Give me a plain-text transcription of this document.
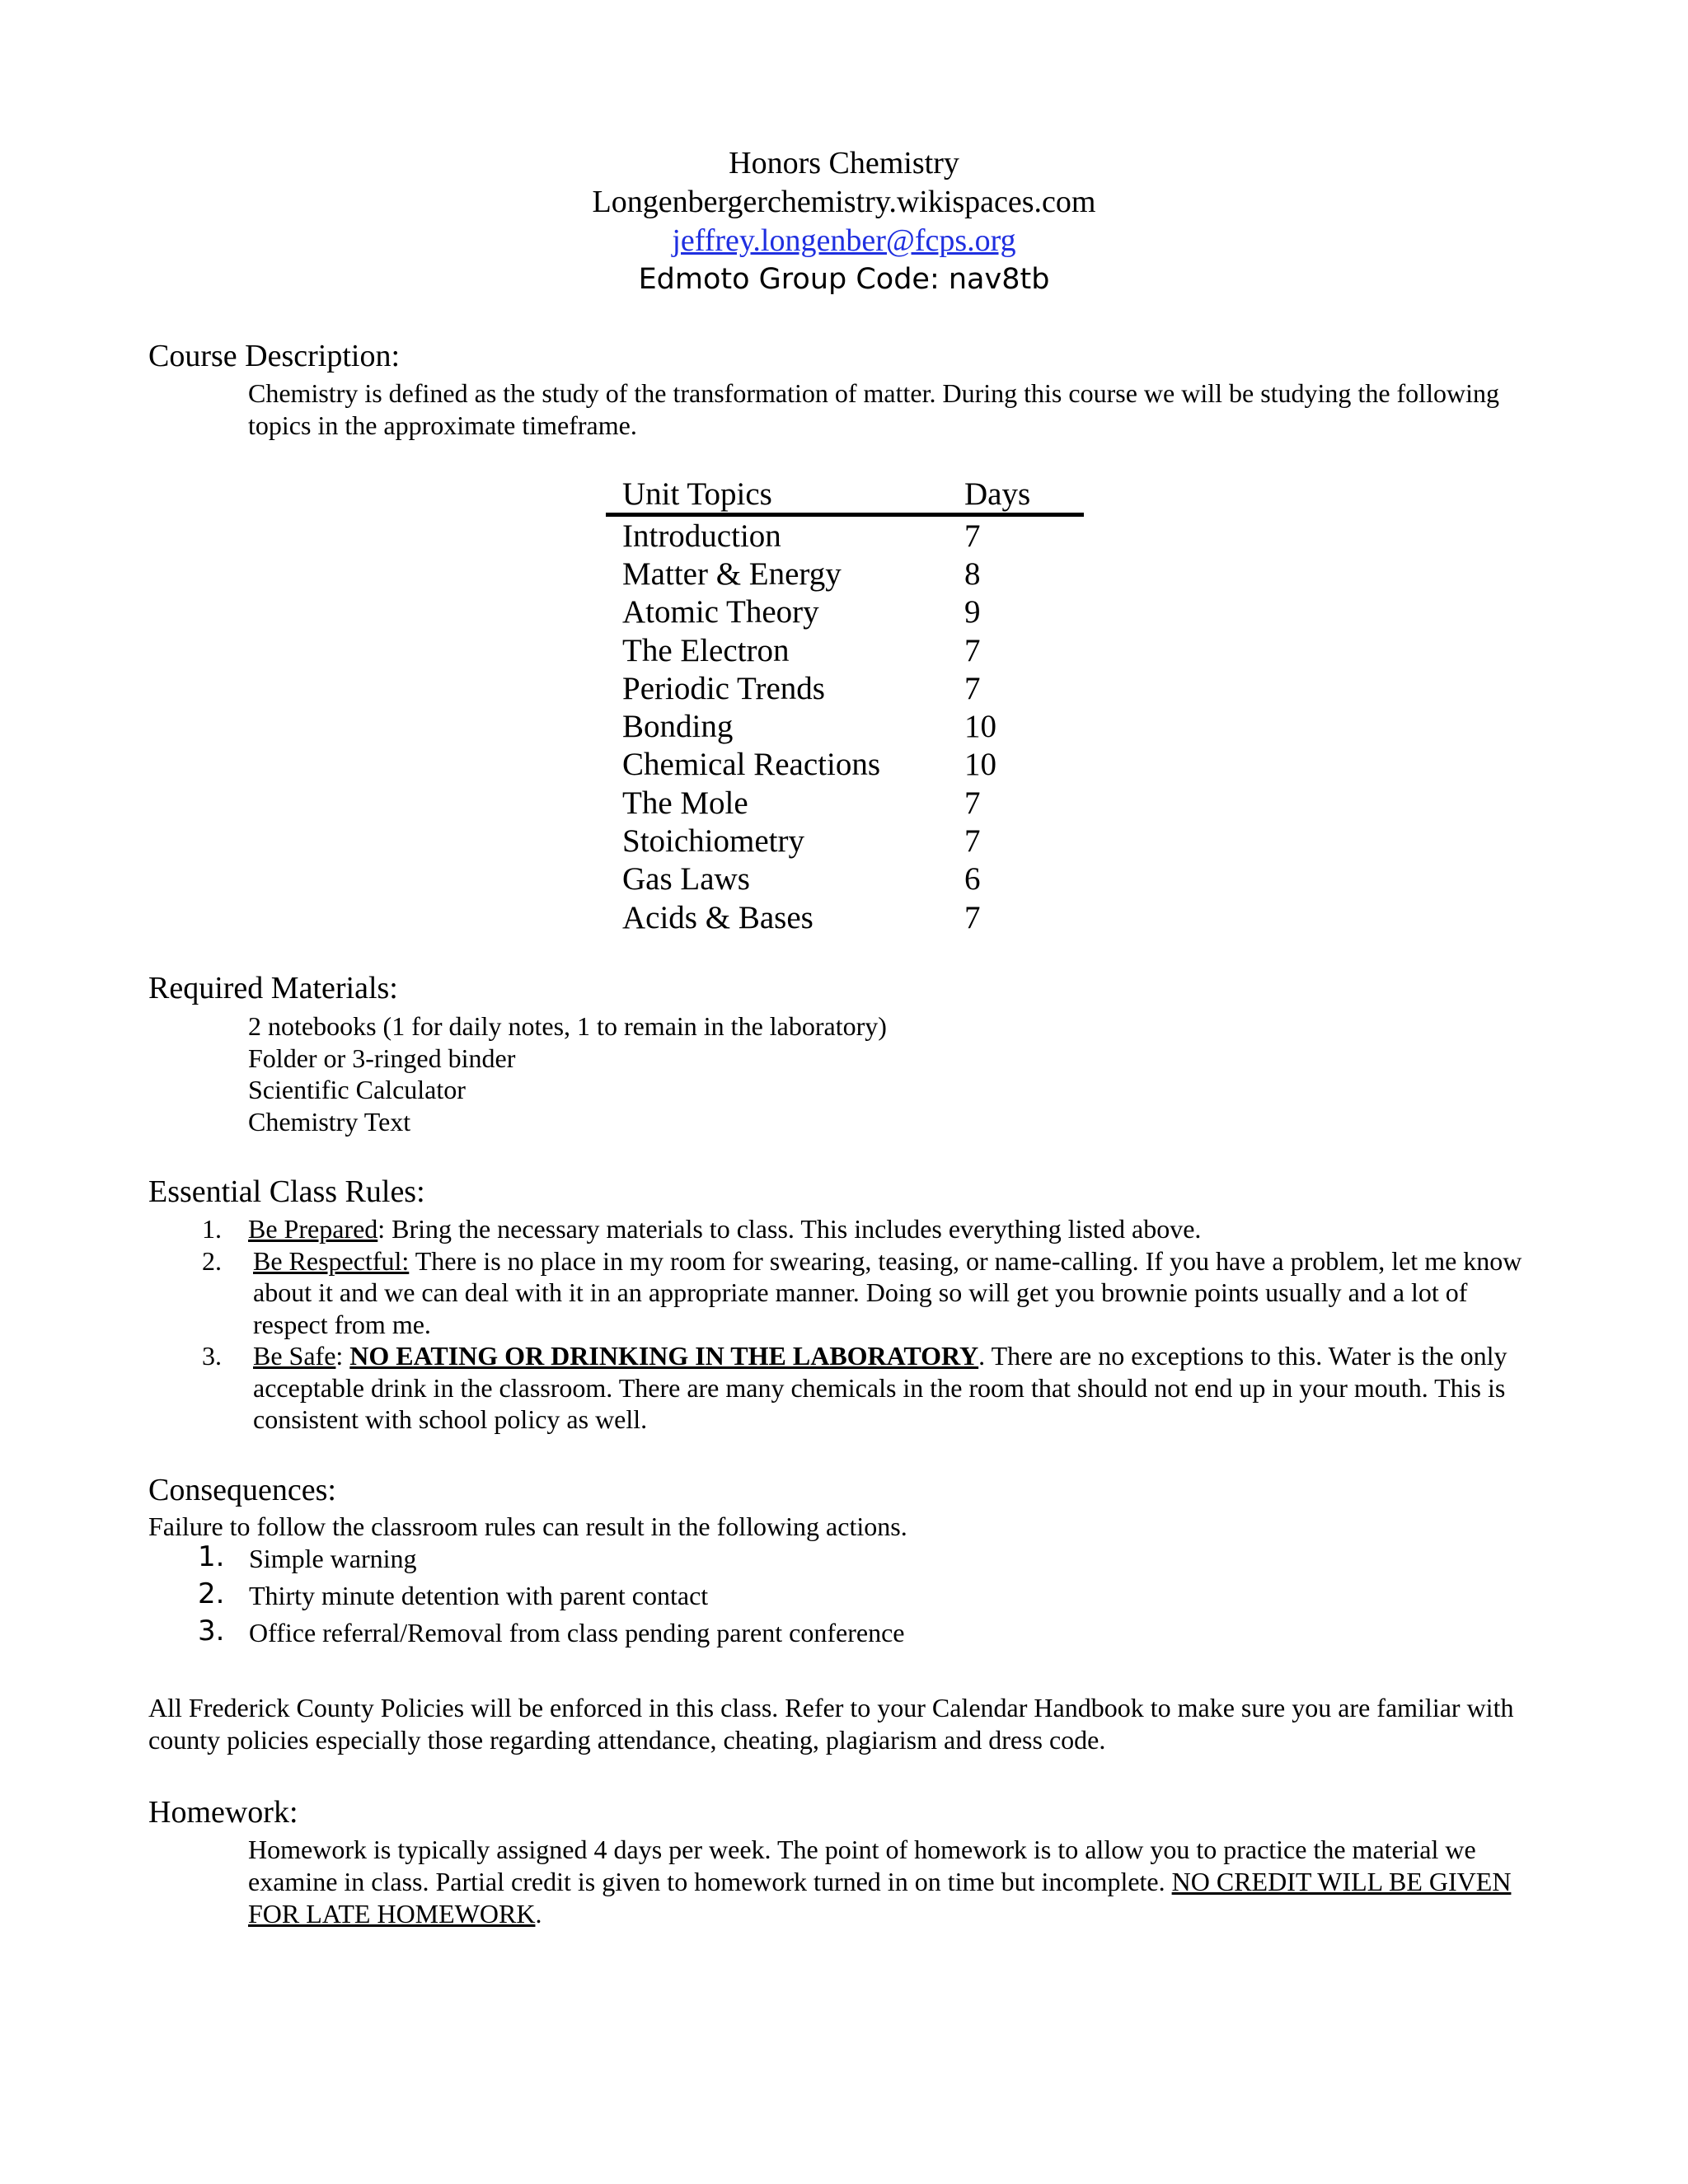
Honors Chemistry
Longenbergerchemistry.wikispaces.com
jeffrey.longenber@fcps.org
Edmoto Group Code: nav8tb
Course Description:
Chemistry is defined as the study of the transformation of matter. During this course we will be studying the following topics in the approximate timeframe.
Unit Topics	Days
Introduction	7
Matter & Energy	8
Atomic Theory	9
The Electron	7
Periodic Trends	7
Bonding	10
Chemical Reactions	10
The Mole	7
Stoichiometry	7
Gas Laws	6
Acids & Bases	7
Required Materials:
2 notebooks (1 for daily notes, 1 to remain in the laboratory)
Folder or 3-ringed binder
Scientific Calculator
Chemistry Text
Essential Class Rules:
1. Be Prepared: Bring the necessary materials to class. This includes everything listed above.
2. Be Respectful: There is no place in my room for swearing, teasing, or name-calling. If you have a problem, let me know about it and we can deal with it in an appropriate manner. Doing so will get you brownie points usually and a lot of respect from me.
3. Be Safe: NO EATING OR DRINKING IN THE LABORATORY. There are no exceptions to this. Water is the only acceptable drink in the classroom. There are many chemicals in the room that should not end up in your mouth. This is consistent with school policy as well.
Consequences:
Failure to follow the classroom rules can result in the following actions.
1. Simple warning
2. Thirty minute detention with parent contact
3. Office referral/Removal from class pending parent conference
All Frederick County Policies will be enforced in this class. Refer to your Calendar Handbook to make sure you are familiar with county policies especially those regarding attendance, cheating, plagiarism and dress code.
Homework:
Homework is typically assigned 4 days per week. The point of homework is to allow you to practice the material we examine in class. Partial credit is given to homework turned in on time but incomplete. NO CREDIT WILL BE GIVEN FOR LATE HOMEWORK.
